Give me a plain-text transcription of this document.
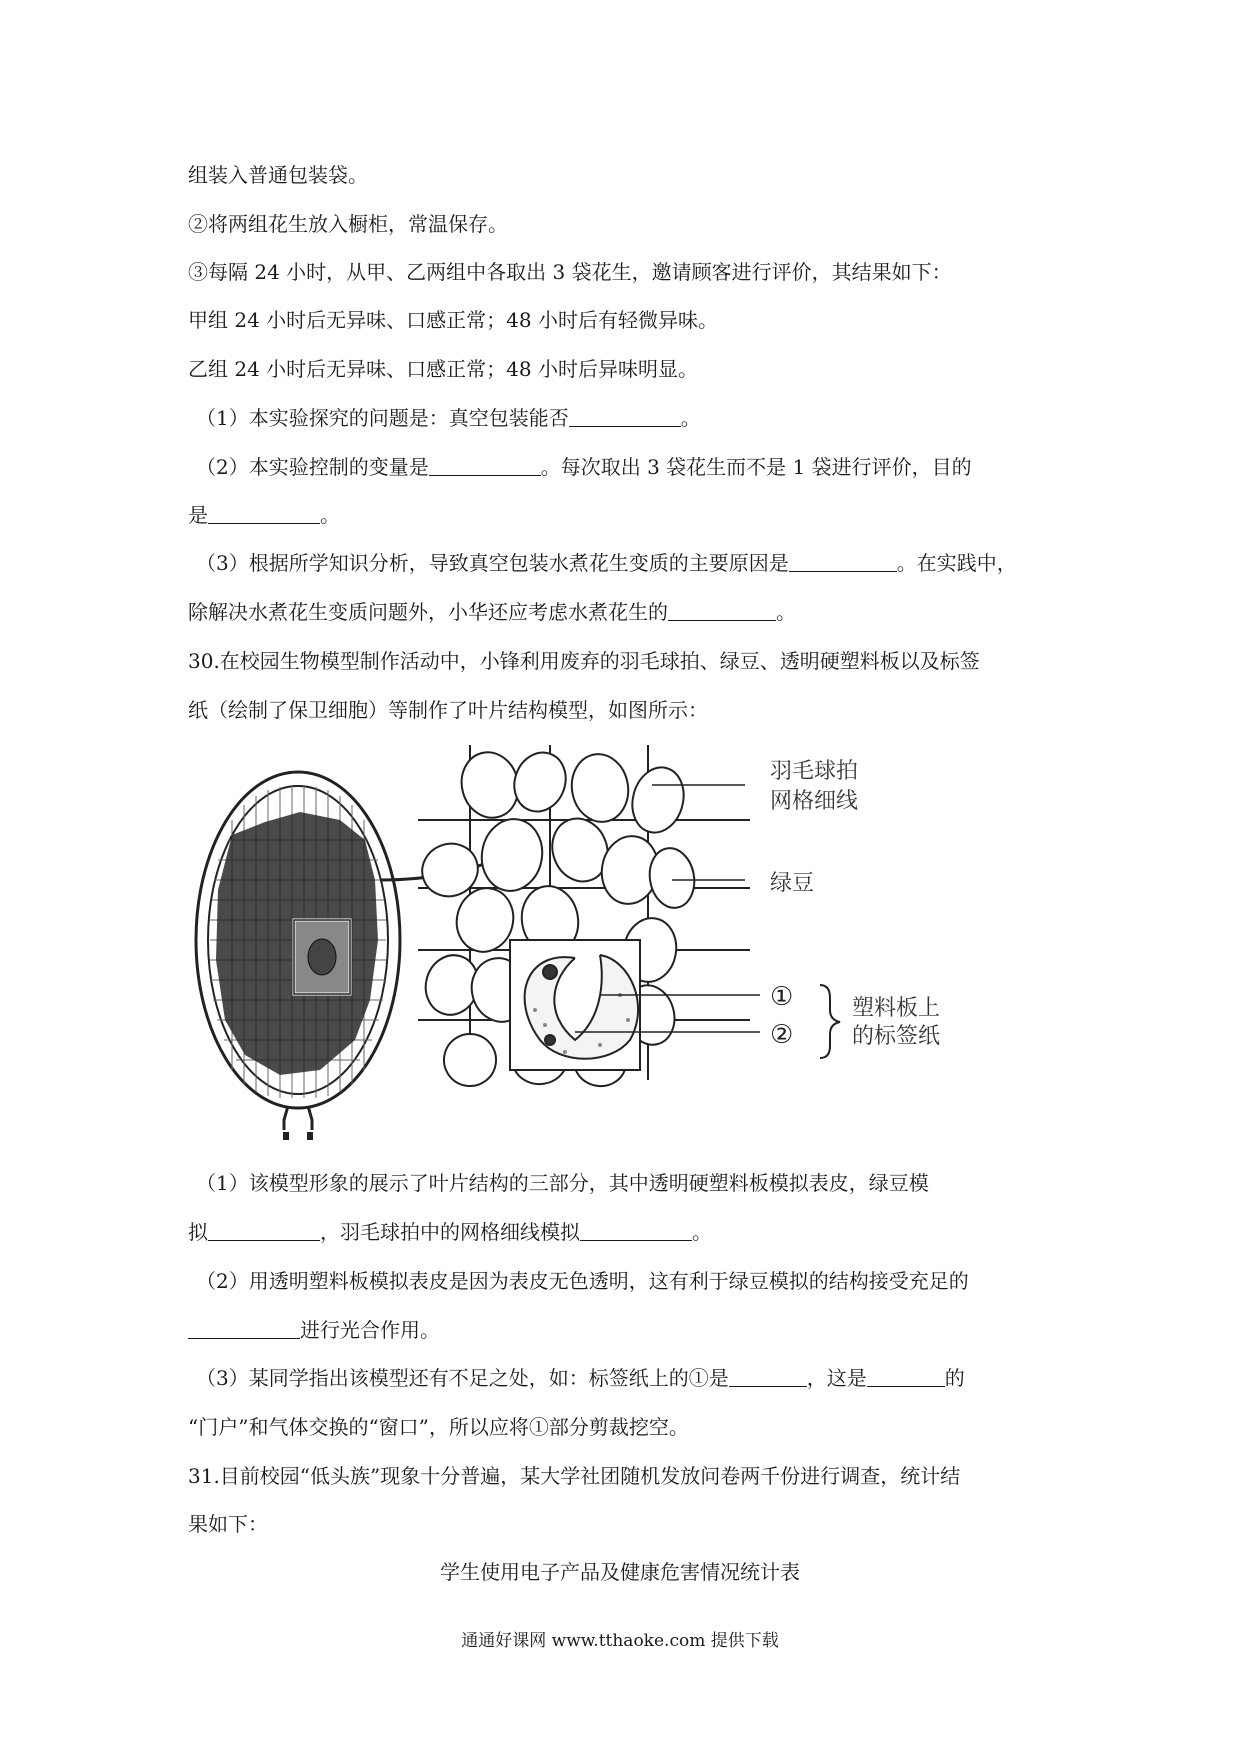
组装入普通包装袋。
②将两组花生放入橱柜，常温保存。
③每隔 24 小时，从甲、乙两组中各取出 3 袋花生，邀请顾客进行评价，其结果如下：
甲组 24 小时后无异味、口感正常；48 小时后有轻微异味。
乙组 24 小时后无异味、口感正常；48 小时后异味明显。
（1）本实验探究的问题是：真空包装能否	。
（2）本实验控制的变量是	。每次取出 3 袋花生而不是 1 袋进行评价，目的
是	。
（3）根据所学知识分析，导致真空包装水煮花生变质的主要原因是	。在实践中，
除解决水煮花生变质问题外，小华还应考虑水煮花生的	。
30.在校园生物模型制作活动中，小锋利用废弃的羽毛球拍、绿豆、透明硬塑料板以及标签
纸（绘制了保卫细胞）等制作了叶片结构模型，如图所示：
羽毛球拍
网格细线
绿豆
①
②
塑料板上
的标签纸
（1）该模型形象的展示了叶片结构的三部分，其中透明硬塑料板模拟表皮，绿豆模
拟	，羽毛球拍中的网格细线模拟	。
（2）用透明塑料板模拟表皮是因为表皮无色透明，这有利于绿豆模拟的结构接受充足的
进行光合作用。
（3）某同学指出该模型还有不足之处，如：标签纸上的①是	，这是	的
“门户”和气体交换的“窗口”，所以应将①部分剪裁挖空。
31.目前校园“低头族”现象十分普遍，某大学社团随机发放问卷两千份进行调查，统计结
果如下：
学生使用电子产品及健康危害情况统计表
通通好课网 www.tthaoke.com 提供下载
